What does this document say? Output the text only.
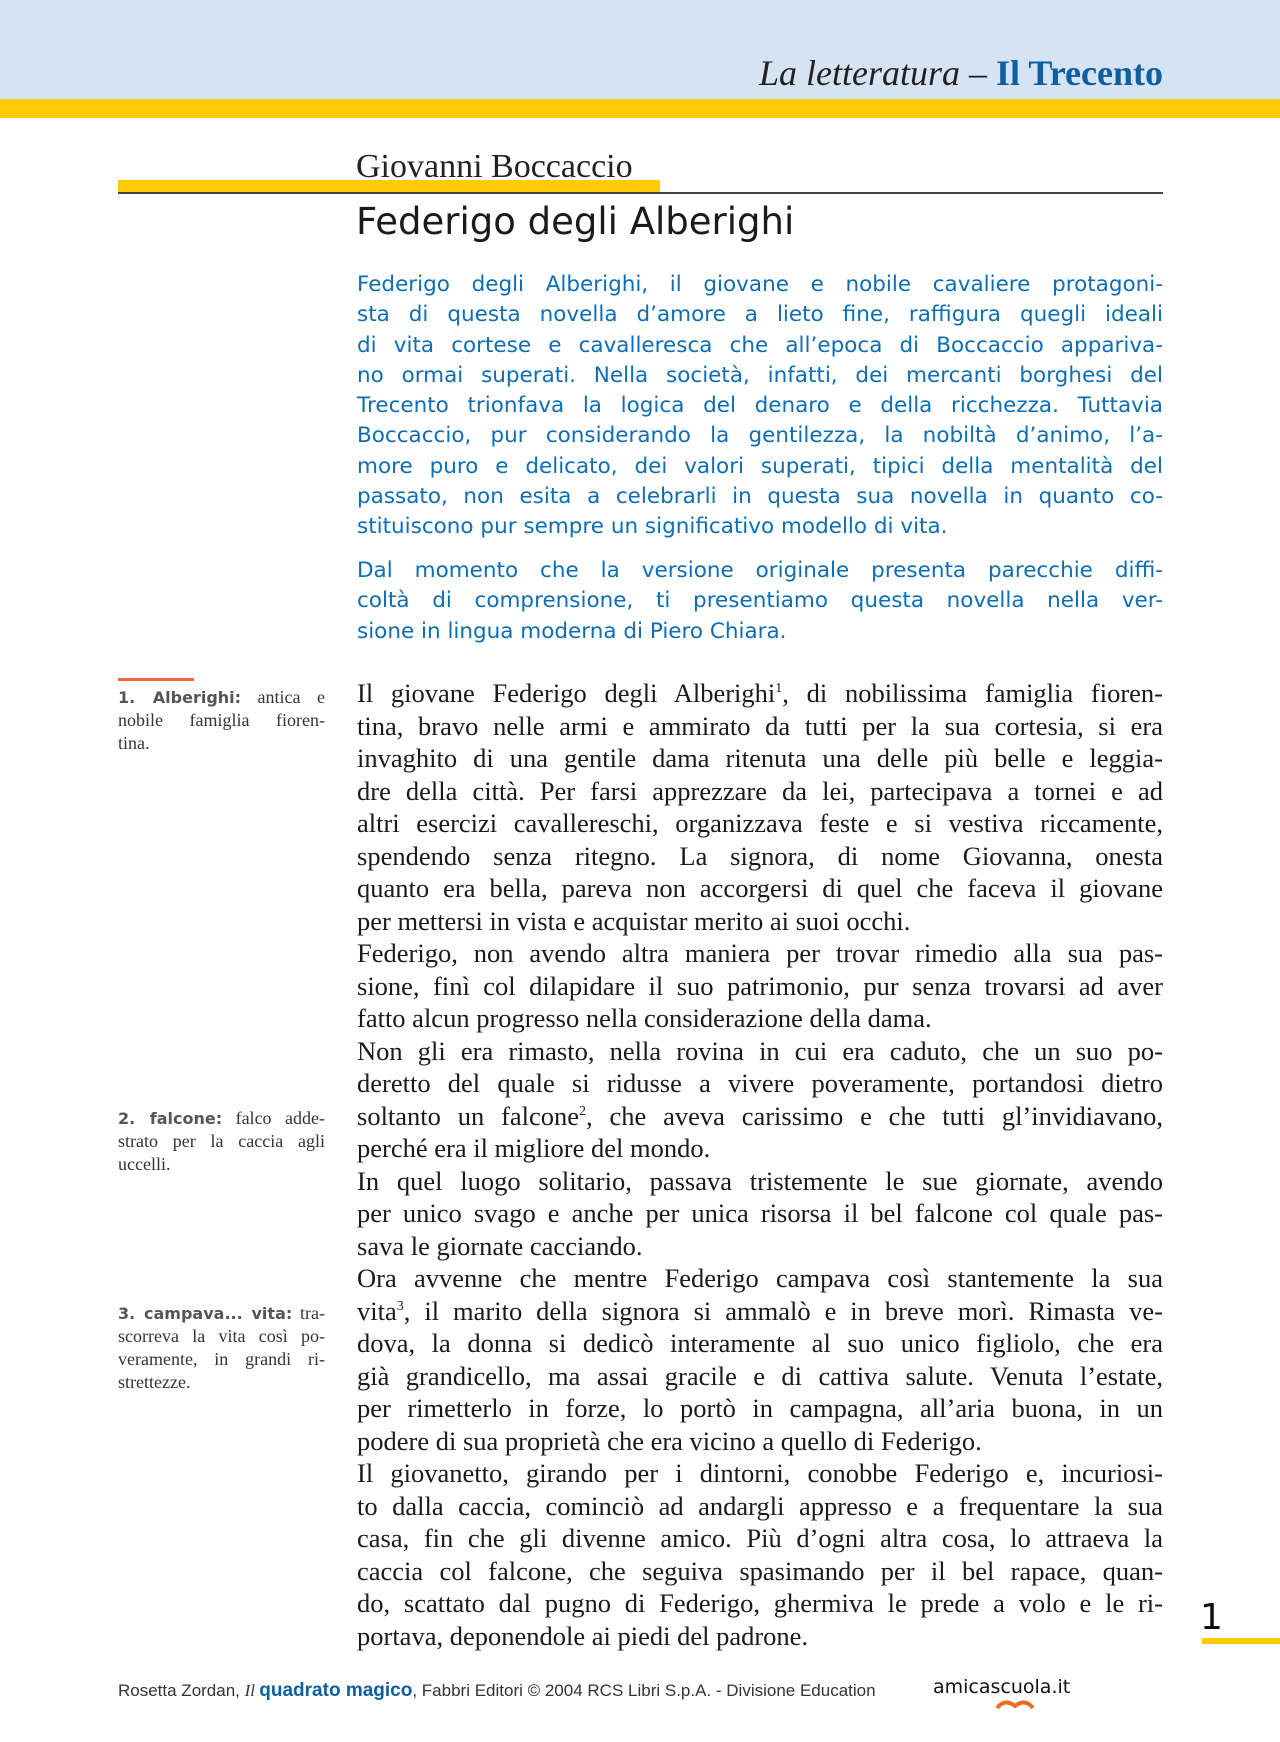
La letteratura – Il Trecento
Giovanni Boccaccio
Federigo degli Alberighi
Federigo degli Alberighi, il giovane e nobile cavaliere protagoni-
sta di questa novella d’amore a lieto fine, raffigura quegli ideali
di vita cortese e cavalleresca che all’epoca di Boccaccio appariva-
no ormai superati. Nella società, infatti, dei mercanti borghesi del
Trecento trionfava la logica del denaro e della ricchezza. Tuttavia
Boccaccio, pur considerando la gentilezza, la nobiltà d’animo, l’a-
more puro e delicato, dei valori superati, tipici della mentalità del
passato, non esita a celebrarli in questa sua novella in quanto co-
stituiscono pur sempre un significativo modello di vita.
Dal momento che la versione originale presenta parecchie diffi-
coltà di comprensione, ti presentiamo questa novella nella ver-
sione in lingua moderna di Piero Chiara.
1. Alberighi: antica e
nobile famiglia fioren-
tina.
2. falcone: falco adde-
strato per la caccia agli
uccelli.
3. campava... vita: tra-
scorreva la vita così po-
veramente, in grandi ri-
strettezze.
Il giovane Federigo degli Alberighi$^1$, di nobilissima famiglia fioren-
tina, bravo nelle armi e ammirato da tutti per la sua cortesia, si era
invaghito di una gentile dama ritenuta una delle più belle e leggia-
dre della città. Per farsi apprezzare da lei, partecipava a tornei e ad
altri esercizi cavallereschi, organizzava feste e si vestiva riccamente,
spendendo senza ritegno. La signora, di nome Giovanna, onesta
quanto era bella, pareva non accorgersi di quel che faceva il giovane
per mettersi in vista e acquistar merito ai suoi occhi.
Federigo, non avendo altra maniera per trovar rimedio alla sua pas-
sione, finì col dilapidare il suo patrimonio, pur senza trovarsi ad aver
fatto alcun progresso nella considerazione della dama.
Non gli era rimasto, nella rovina in cui era caduto, che un suo po-
deretto del quale si ridusse a vivere poveramente, portandosi dietro
soltanto un falcone$^2$, che aveva carissimo e che tutti gl’invidiavano,
perché era il migliore del mondo.
In quel luogo solitario, passava tristemente le sue giornate, avendo
per unico svago e anche per unica risorsa il bel falcone col quale pas-
sava le giornate cacciando.
Ora avvenne che mentre Federigo campava così stantemente la sua
vita$^3$, il marito della signora si ammalò e in breve morì. Rimasta ve-
dova, la donna si dedicò interamente al suo unico figliolo, che era
già grandicello, ma assai gracile e di cattiva salute. Venuta l’estate,
per rimetterlo in forze, lo portò in campagna, all’aria buona, in un
podere di sua proprietà che era vicino a quello di Federigo.
Il giovanetto, girando per i dintorni, conobbe Federigo e, incuriosi-
to dalla caccia, cominciò ad andargli appresso e a frequentare la sua
casa, fin che gli divenne amico. Più d’ogni altra cosa, lo attraeva la
caccia col falcone, che seguiva spasimando per il bel rapace, quan-
do, scattato dal pugno di Federigo, ghermiva le prede a volo e le ri-
portava, deponendole ai piedi del padrone.	1
Rosetta Zordan, Il quadrato magico, Fabbri Editori © 2004 RCS Libri S.p.A. - Divisione Education	amicascuola.it
